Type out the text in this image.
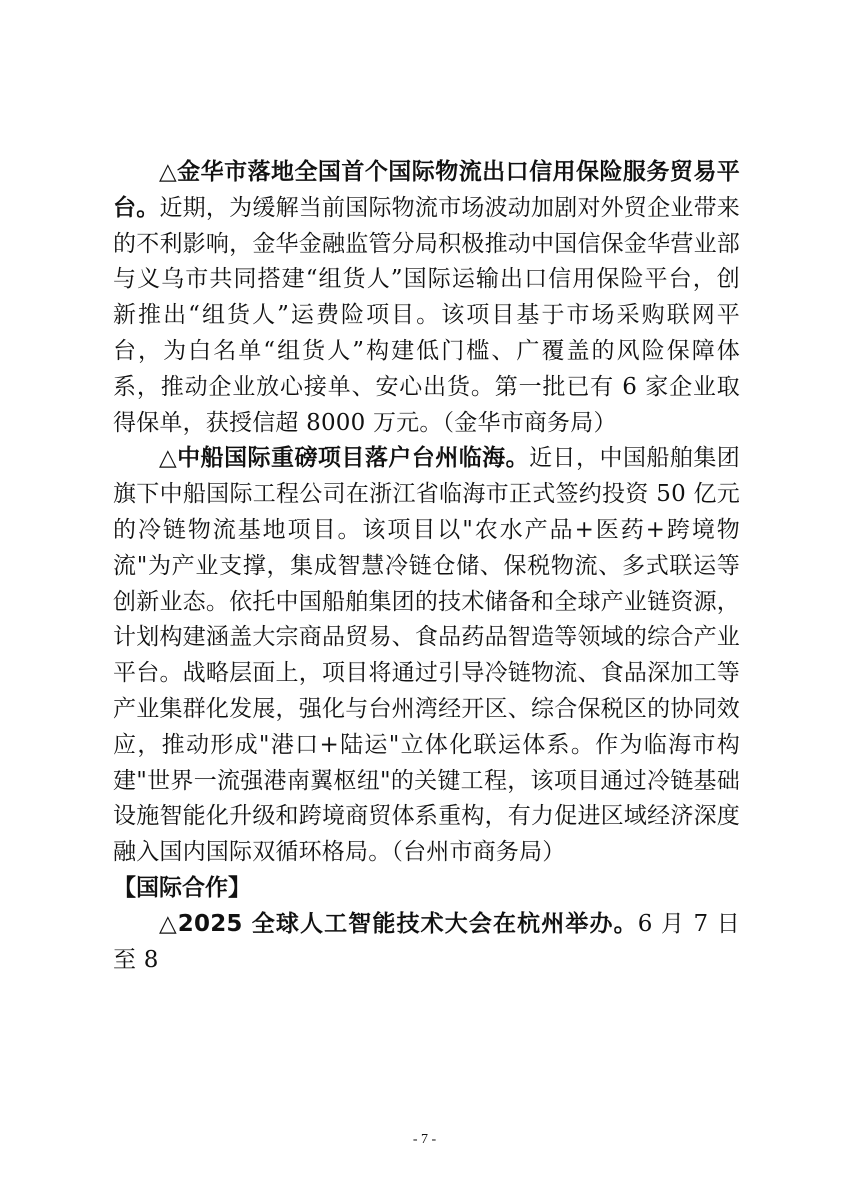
△金华市落地全国首个国际物流出口信用保险服务贸易平台。近期，为缓解当前国际物流市场波动加剧对外贸企业带来的不利影响，金华金融监管分局积极推动中国信保金华营业部与义乌市共同搭建“组货人”国际运输出口信用保险平台，创新推出“组货人”运费险项目。该项目基于市场采购联网平台，为白名单“组货人”构建低门槛、广覆盖的风险保障体系，推动企业放心接单、安心出货。第一批已有 6 家企业取得保单，获授信超 8000 万元。（金华市商务局）

△中船国际重磅项目落户台州临海。近日，中国船舶集团旗下中船国际工程公司在浙江省临海市正式签约投资 50 亿元的冷链物流基地项目。该项目以"农水产品+医药+跨境物流"为产业支撑，集成智慧冷链仓储、保税物流、多式联运等创新业态。依托中国船舶集团的技术储备和全球产业链资源，计划构建涵盖大宗商品贸易、食品药品智造等领域的综合产业平台。战略层面上，项目将通过引导冷链物流、食品深加工等产业集群化发展，强化与台州湾经开区、综合保税区的协同效应，推动形成"港口+陆运"立体化联运体系。作为临海市构建"世界一流强港南翼枢纽"的关键工程，该项目通过冷链基础设施智能化升级和跨境商贸体系重构，有力促进区域经济深度融入国内国际双循环格局。（台州市商务局）

【国际合作】

△2025 全球人工智能技术大会在杭州举办。6 月 7 日至 8

- 7 -
